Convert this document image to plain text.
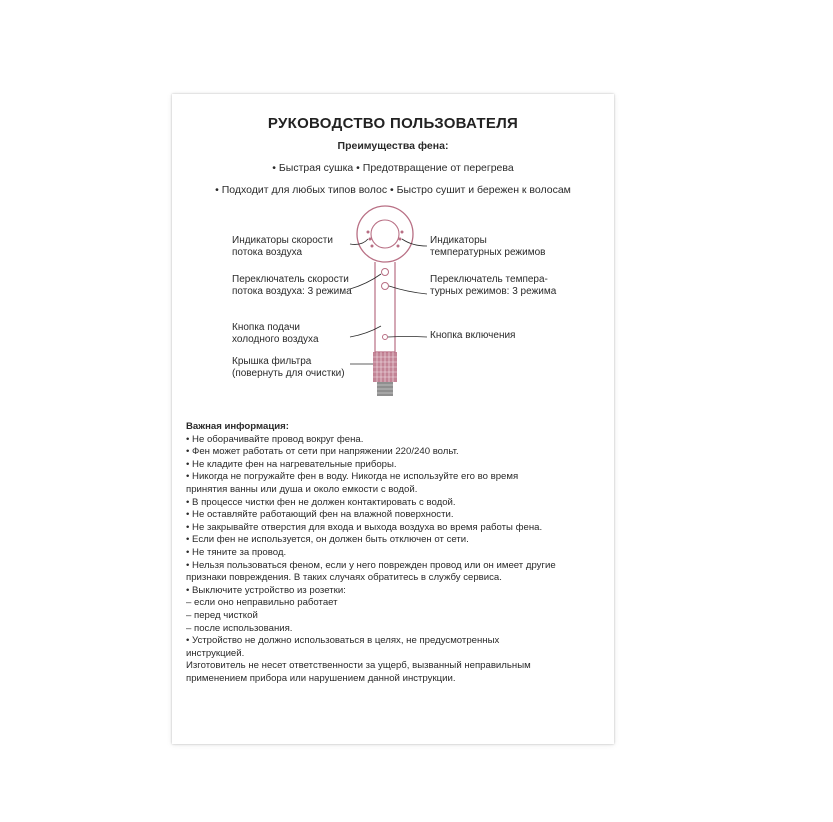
РУКОВОДСТВО ПОЛЬЗОВАТЕЛЯ
Преимущества фена:
• Быстрая сушка • Предотвращение от перегрева
• Подходит для любых типов волос • Быстро сушит и бережен к волосам
Индикаторы скорости
потока воздуха
Индикаторы
температурных режимов
Переключатель скорости
потока воздуха: 3 режима
Переключатель темпера-
турных режимов: 3 режима
Кнопка подачи
холодного воздуха	Кнопка включения
Крышка фильтра
(повернуть для очистки)
Важная информация:
• Не оборачивайте провод вокруг фена.
• Фен может работать от сети при напряжении 220/240 вольт.
• Не кладите фен на нагревательные приборы.
• Никогда не погружайте фен в воду. Никогда не используйте его во время
принятия ванны или душа и около емкости с водой.
• В процессе чистки фен не должен контактировать с водой.
• Не оставляйте работающий фен на влажной поверхности.
• Не закрывайте отверстия для входа и выхода воздуха во время работы фена.
• Если фен не используется, он должен быть отключен от сети.
• Не тяните за провод.
• Нельзя пользоваться феном, если у него поврежден провод или он имеет другие
признаки повреждения. В таких случаях обратитесь в службу сервиса.
• Выключите устройство из розетки:
– если оно неправильно работает
– перед чисткой
– после использования.
• Устройство не должно использоваться в целях, не предусмотренных
инструкцией.
Изготовитель не несет ответственности за ущерб, вызванный неправильным
применением прибора или нарушением данной инструкции.
